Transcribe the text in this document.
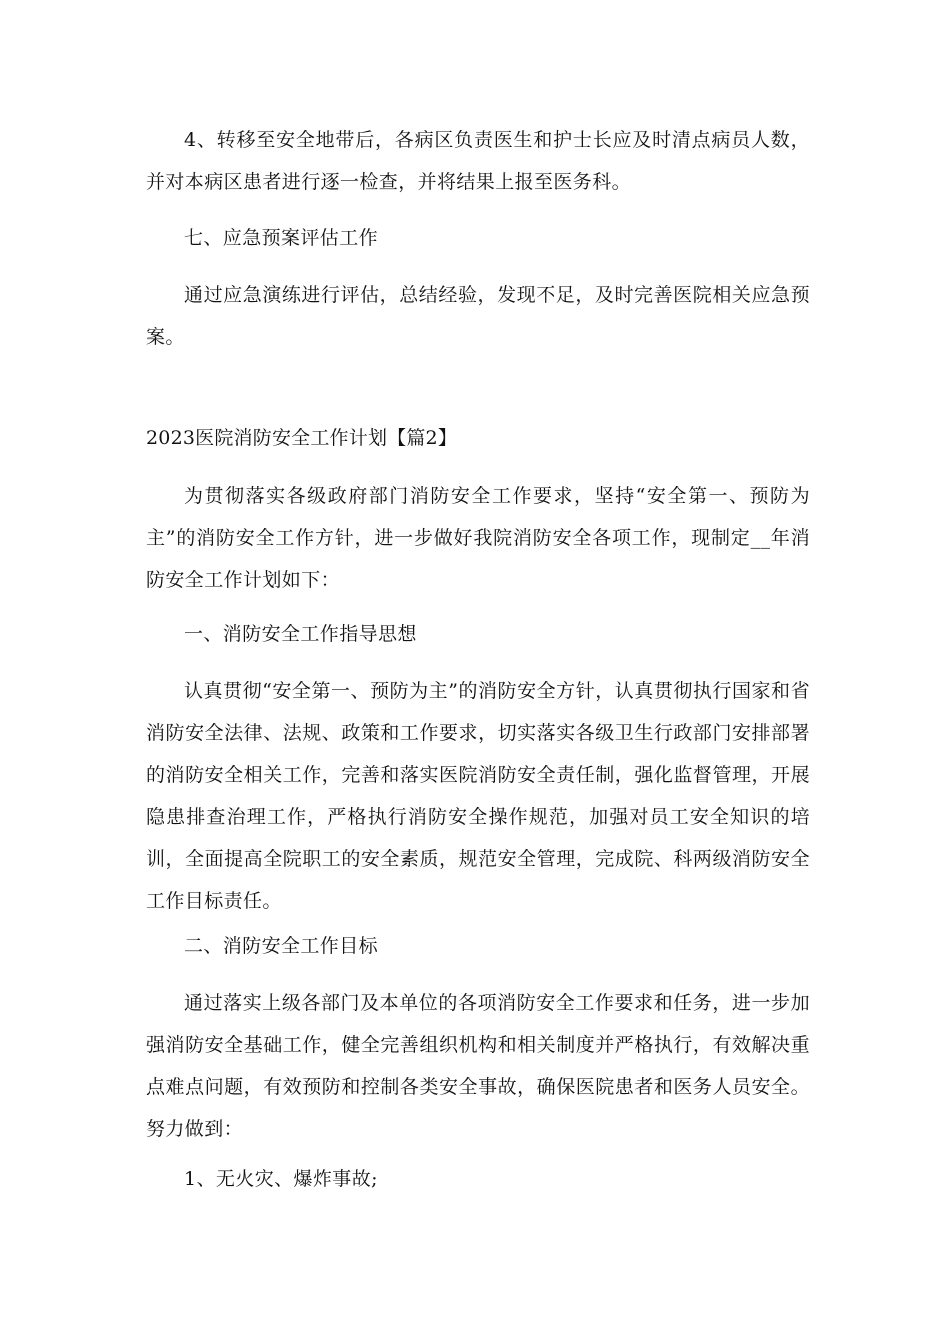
4、转移至安全地带后，各病区负责医生和护士长应及时清点病员人数，并对本病区患者进行逐一检查，并将结果上报至医务科。
七、应急预案评估工作
通过应急演练进行评估，总结经验，发现不足，及时完善医院相关应急预案。
2023医院消防安全工作计划【篇2】
为贯彻落实各级政府部门消防安全工作要求，坚持“安全第一、预防为主”的消防安全工作方针，进一步做好我院消防安全各项工作，现制定__年消防安全工作计划如下：
一、消防安全工作指导思想
认真贯彻“安全第一、预防为主”的消防安全方针，认真贯彻执行国家和省消防安全法律、法规、政策和工作要求，切实落实各级卫生行政部门安排部署的消防安全相关工作，完善和落实医院消防安全责任制，强化监督管理，开展隐患排查治理工作，严格执行消防安全操作规范，加强对员工安全知识的培训，全面提高全院职工的安全素质，规范安全管理，完成院、科两级消防安全工作目标责任。
二、消防安全工作目标
通过落实上级各部门及本单位的各项消防安全工作要求和任务，进一步加强消防安全基础工作，健全完善组织机构和相关制度并严格执行，有效解决重点难点问题，有效预防和控制各类安全事故，确保医院患者和医务人员安全。努力做到：
1、无火灾、爆炸事故;
